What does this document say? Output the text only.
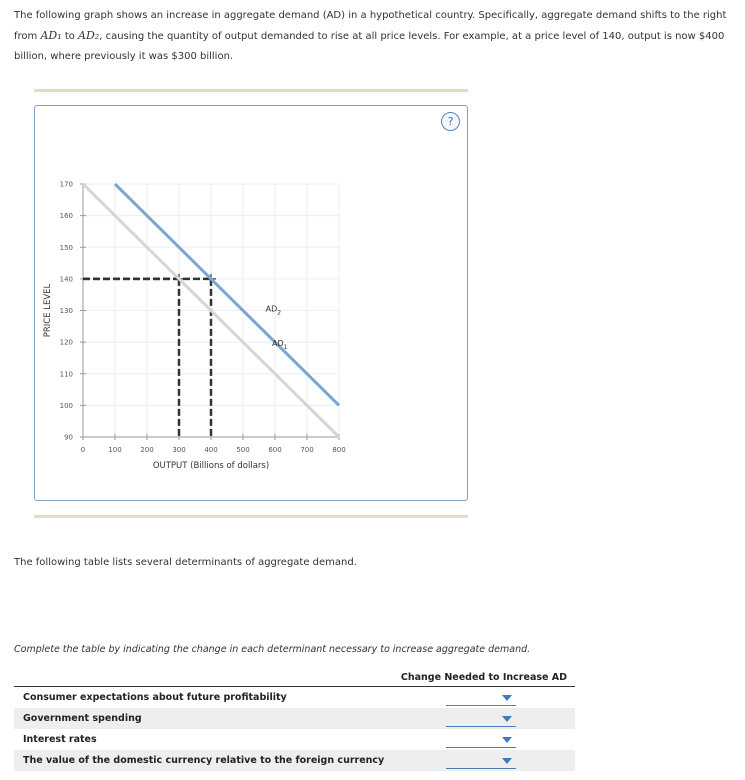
The following graph shows an increase in aggregate demand (AD) in a hypothetical country. Specifically, aggregate demand shifts to the right from AD₁ to AD₂, causing the quantity of output demanded to rise at all price levels. For example, at a price level of 140, output is now $400 billion, where previously it was $300 billion.
?
0	100	200	300	400	500	600	700	800
90
100
110
120
130
140
150
160
170
OUTPUT (Billions of dollars)
PRICE LEVEL
$AD_1$
$AD_2$
The following table lists several determinants of aggregate demand.
Complete the table by indicating the change in each determinant necessary to increase aggregate demand.
Change Needed to Increase AD
Consumer expectations about future profitability
Government spending
Interest rates
The value of the domestic currency relative to the foreign currency
